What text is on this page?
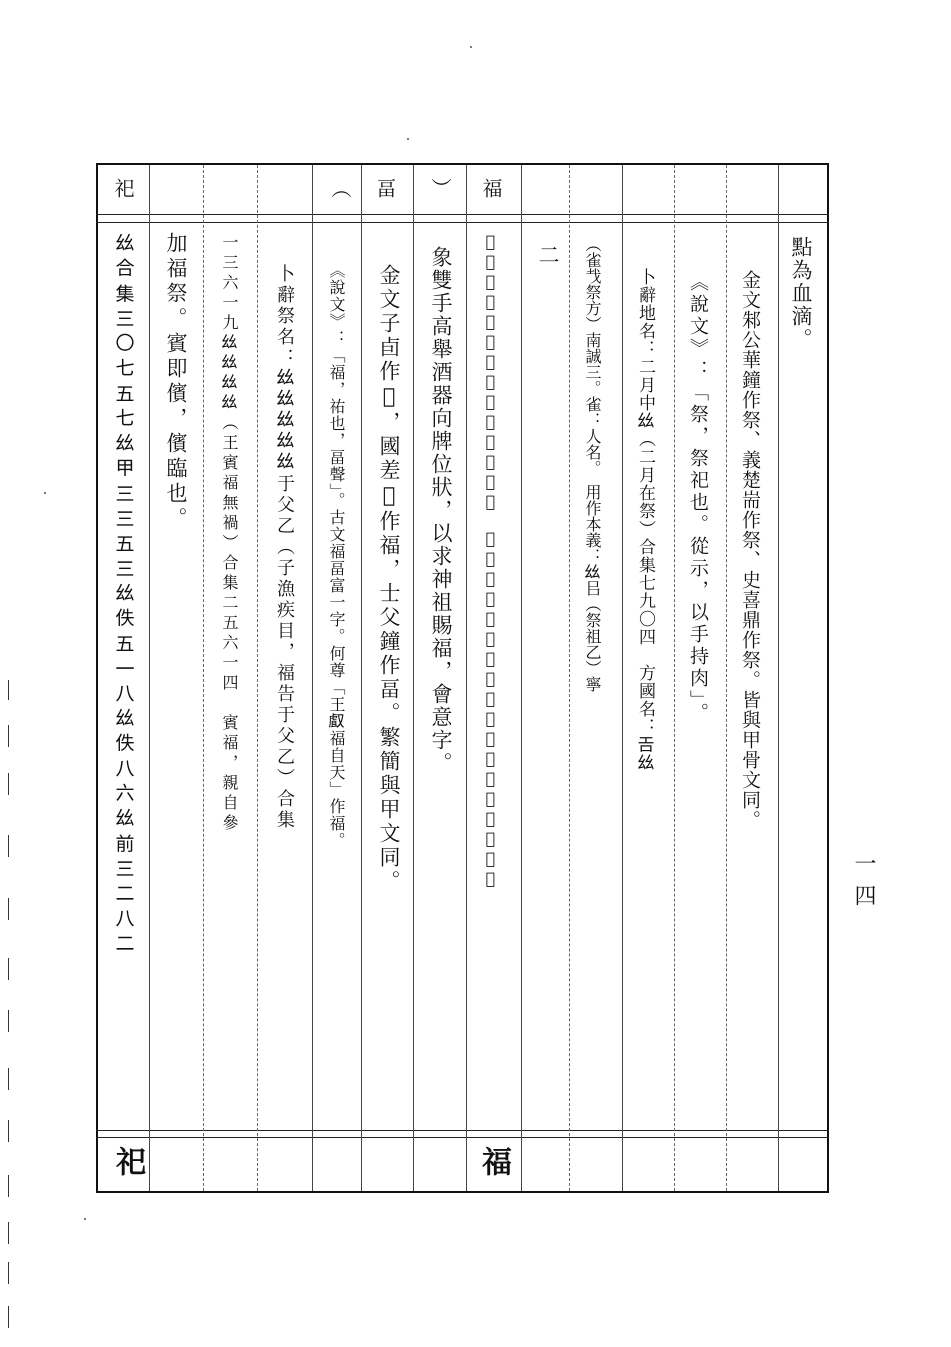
祀	（ 畐 ） 福
點為血滴。
金文邾公華鐘作祭、義楚耑作祭、史喜鼎作祭。皆與甲骨文同。
《說文》：「祭，祭祀也。從示，以手持肉」。
卜辭地名：二月中𢆶（二月在祭）合集七九〇四　方國名：𢀛𢆶
（雀𢦏祭方）南誠三。雀：人名。　用作本義：𢆶㠯（祭祖乙）寧
二
𩖖合集二三四七七𩖖前五四三一　𩖖南明三五六从示从畐，釋福。或釋禍。
象雙手高舉酒器向牌位狀，以求神祖賜福，會意字。
金文子卣作𩖖，國差𦉜作福，士父鐘作畐。繁簡與甲文同。
《說文》：「福，祐也，畐聲」。古文福畐富一字。何尊「王𠭯福自天」作福。
卜辭祭名：𢆶𢆶𢆶𢆶𢆶于父乙（子漁疾目，福告于父乙）合集
一三六一九𢆶𢆶𢆶𢆶（王賓福無禍）合集二五六一四　賓福，親自參
加福祭。賓即儐，儐臨也。
𢆶合集三〇七五七𢆶甲三三五三𢆶佚五一八𢆶佚八六𢆶前三二八二
祀	福
一四
